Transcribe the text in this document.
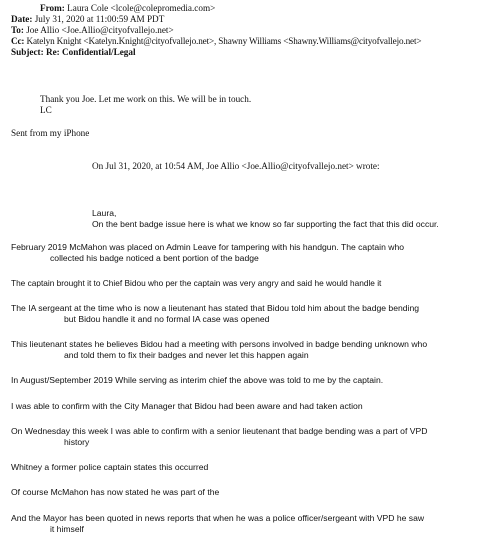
From: Laura Cole <lcole@colepromedia.com>
Date: July 31, 2020 at 11:00:59 AM PDT
To: Joe Allio <Joe.Allio@cityofvallejo.net>
Cc: Katelyn Knight <Katelyn.Knight@cityofvallejo.net>, Shawny Williams <Shawny.Williams@cityofvallejo.net>
Subject: Re: Confidential/Legal
Thank you Joe. Let me work on this. We will be in touch.
LC
Sent from my iPhone
On Jul 31, 2020, at 10:54 AM, Joe Allio <Joe.Allio@cityofvallejo.net> wrote:
Laura,
On the bent badge issue here is what we know so far supporting the fact that this did occur.
February 2019 McMahon was placed on Admin Leave for tampering with his handgun. The captain who
collected his badge noticed a bent portion of the badge
The captain brought it to Chief Bidou who per the captain was very angry and said he would handle it
The IA sergeant at the time who is now a lieutenant has stated that Bidou told him about the badge bending
but Bidou handle it and no formal IA case was opened
This lieutenant states he believes Bidou had a meeting with persons involved in badge bending unknown who
and told them to fix their badges and never let this happen again
In August/September 2019 While serving as interim chief the above was told to me by the captain.
I was able to confirm with the City Manager that Bidou had been aware and had taken action
On Wednesday this week I was able to confirm with a senior lieutenant that badge bending was a part of VPD
history
Whitney a former police captain states this occurred
Of course McMahon has now stated he was part of the
And the Mayor has been quoted in news reports that when he was a police officer/sergeant with VPD he saw
it himself
